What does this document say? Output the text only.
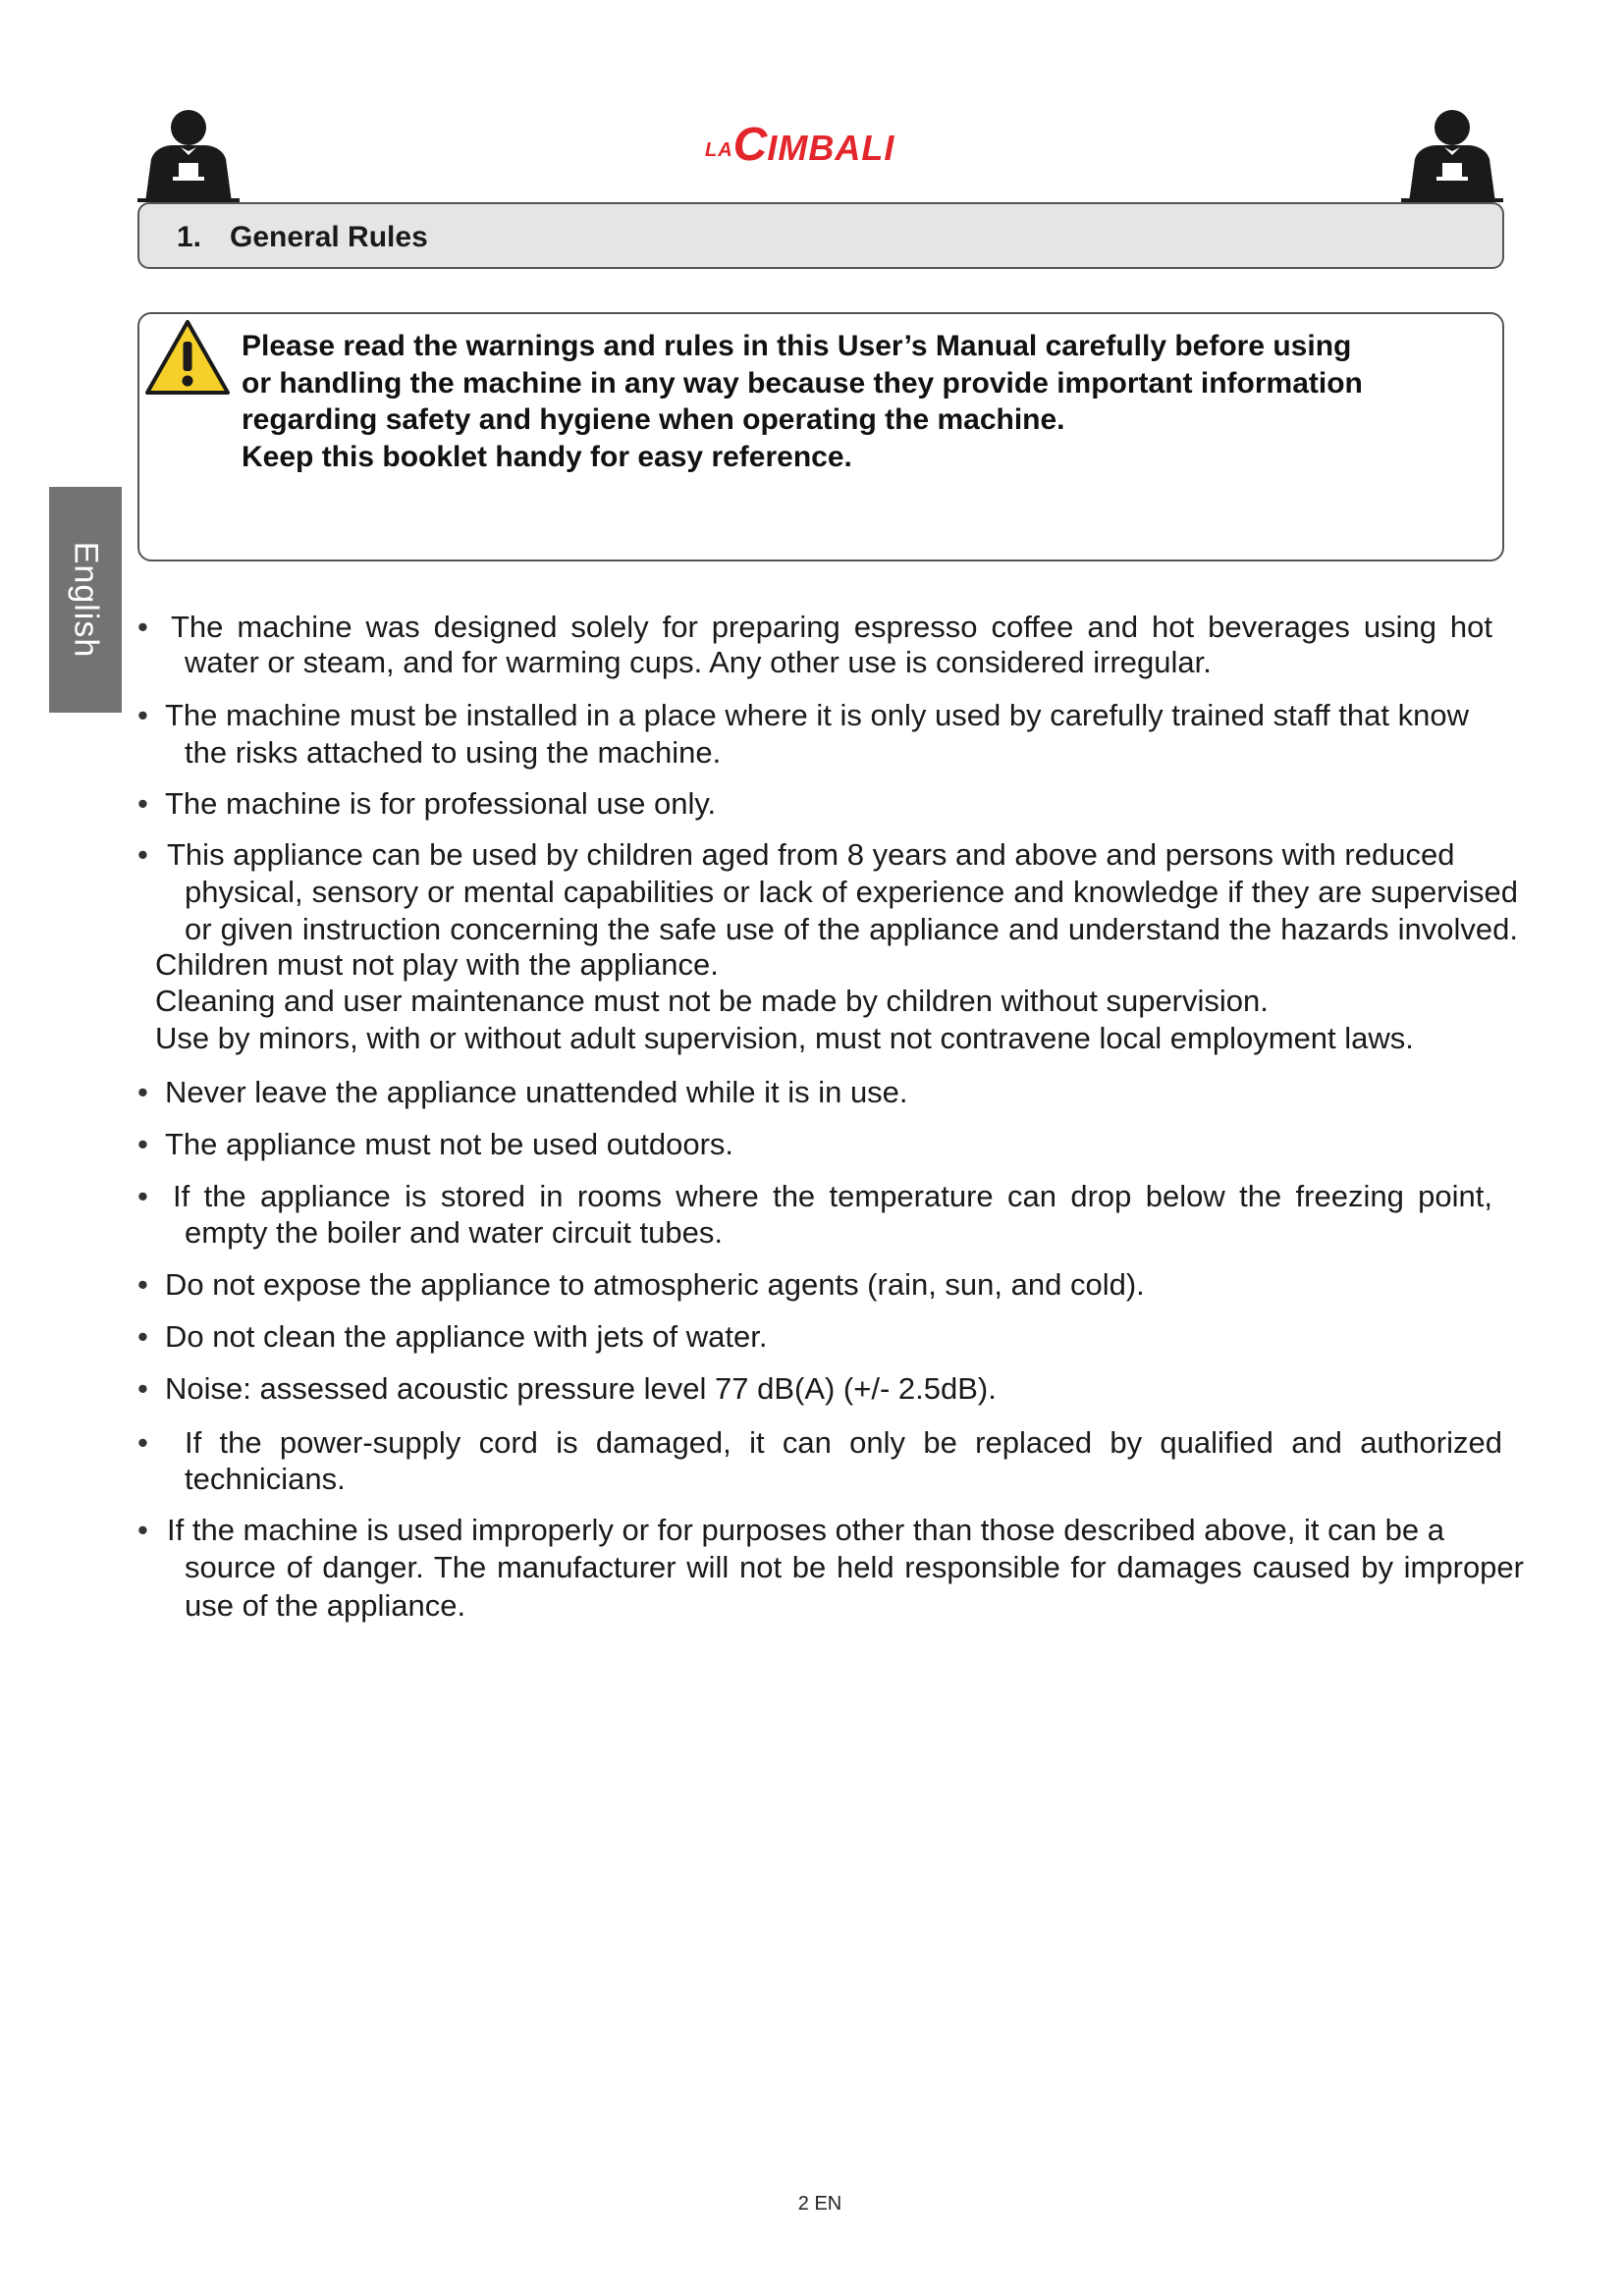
LACIMBALI
1. General Rules

Please read the warnings and rules in this User’s Manual carefully before using

or handling the machine in any way because they provide important information

regarding safety and hygiene when operating the machine.

Keep this booklet handy for easy reference.

English • The machine was designed solely for preparing espresso coffee and hot beverages using hot
water or steam, and for warming cups. Any other use is considered irregular.
• The machine must be installed in a place where it is only used by carefully trained staff that know
the risks attached to using the machine.
• The machine is for professional use only.
• This appliance can be used by children aged from 8 years and above and persons with reduced
physical, sensory or mental capabilities or lack of experience and knowledge if they are supervised
or given instruction concerning the safe use of the appliance and understand the hazards involved.
Children must not play with the appliance.
Cleaning and user maintenance must not be made by children without supervision.
Use by minors, with or without adult supervision, must not contravene local employment laws.
• Never leave the appliance unattended while it is in use.
• The appliance must not be used outdoors.
• If the appliance is stored in rooms where the temperature can drop below the freezing point,
empty the boiler and water circuit tubes.
• Do not expose the appliance to atmospheric agents (rain, sun, and cold).
• Do not clean the appliance with jets of water.
• Noise: assessed acoustic pressure level 77 dB(A) (+/- 2.5dB).
• If the power-supply cord is damaged, it can only be replaced by qualified and authorized
technicians.
• If the machine is used improperly or for purposes other than those described above, it can be a
source of danger. The manufacturer will not be held responsible for damages caused by improper
use of the appliance.
2 EN
